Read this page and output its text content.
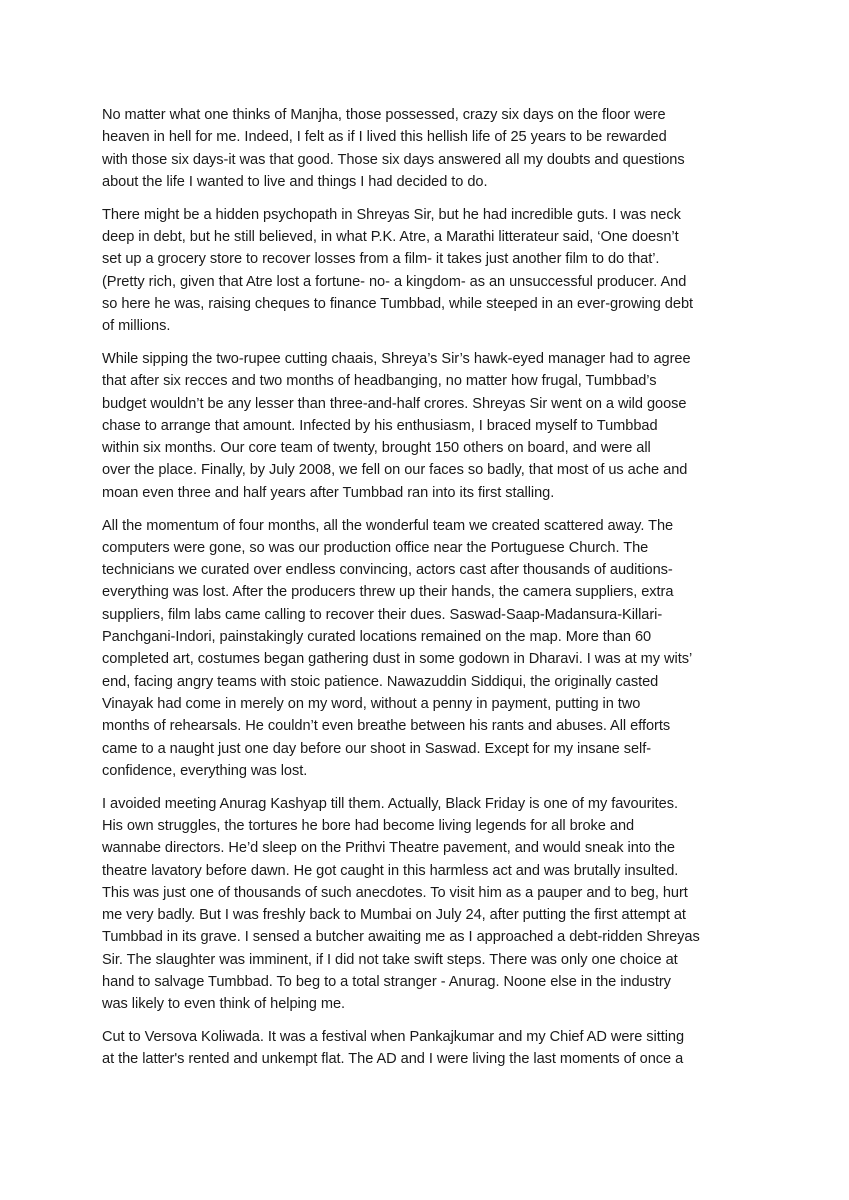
No matter what one thinks of Manjha, those possessed, crazy six days on the floor were
heaven in hell for me. Indeed, I felt as if I lived this hellish life of 25 years to be rewarded
with those six days-it was that good. Those six days answered all my doubts and questions
about the life I wanted to live and things I had decided to do.

There might be a hidden psychopath in Shreyas Sir, but he had incredible guts. I was neck
deep in debt, but he still believed, in what P.K. Atre, a Marathi litterateur said, ‘One doesn’t
set up a grocery store to recover losses from a film- it takes just another film to do that’.
(Pretty rich, given that Atre lost a fortune- no- a kingdom- as an unsuccessful producer. And
so here he was, raising cheques to finance Tumbbad, while steeped in an ever-growing debt
of millions.

While sipping the two-rupee cutting chaais, Shreya’s Sir’s hawk-eyed manager had to agree
that after six recces and two months of headbanging, no matter how frugal, Tumbbad’s
budget wouldn’t be any lesser than three-and-half crores. Shreyas Sir went on a wild goose
chase to arrange that amount. Infected by his enthusiasm, I braced myself to Tumbbad
within six months. Our core team of twenty, brought 150 others on board, and were all
over the place. Finally, by July 2008, we fell on our faces so badly, that most of us ache and
moan even three and half years after Tumbbad ran into its first stalling.

All the momentum of four months, all the wonderful team we created scattered away. The
computers were gone, so was our production office near the Portuguese Church. The
technicians we curated over endless convincing, actors cast after thousands of auditions-
everything was lost. After the producers threw up their hands, the camera suppliers, extra
suppliers, film labs came calling to recover their dues. Saswad-Saap-Madansura-Killari-
Panchgani-Indori, painstakingly curated locations remained on the map. More than 60
completed art, costumes began gathering dust in some godown in Dharavi. I was at my wits’
end, facing angry teams with stoic patience. Nawazuddin Siddiqui, the originally casted
Vinayak had come in merely on my word, without a penny in payment, putting in two
months of rehearsals. He couldn’t even breathe between his rants and abuses. All efforts
came to a naught just one day before our shoot in Saswad. Except for my insane self-
confidence, everything was lost.

I avoided meeting Anurag Kashyap till them. Actually, Black Friday is one of my favourites.
His own struggles, the tortures he bore had become living legends for all broke and
wannabe directors. He’d sleep on the Prithvi Theatre pavement, and would sneak into the
theatre lavatory before dawn. He got caught in this harmless act and was brutally insulted.
This was just one of thousands of such anecdotes. To visit him as a pauper and to beg, hurt
me very badly. But I was freshly back to Mumbai on July 24, after putting the first attempt at
Tumbbad in its grave. I sensed a butcher awaiting me as I approached a debt-ridden Shreyas
Sir. The slaughter was imminent, if I did not take swift steps. There was only one choice at
hand to salvage Tumbbad. To beg to a total stranger - Anurag. Noone else in the industry
was likely to even think of helping me.

Cut to Versova Koliwada. It was a festival when Pankajkumar and my Chief AD were sitting
at the latter's rented and unkempt flat. The AD and I were living the last moments of once a
